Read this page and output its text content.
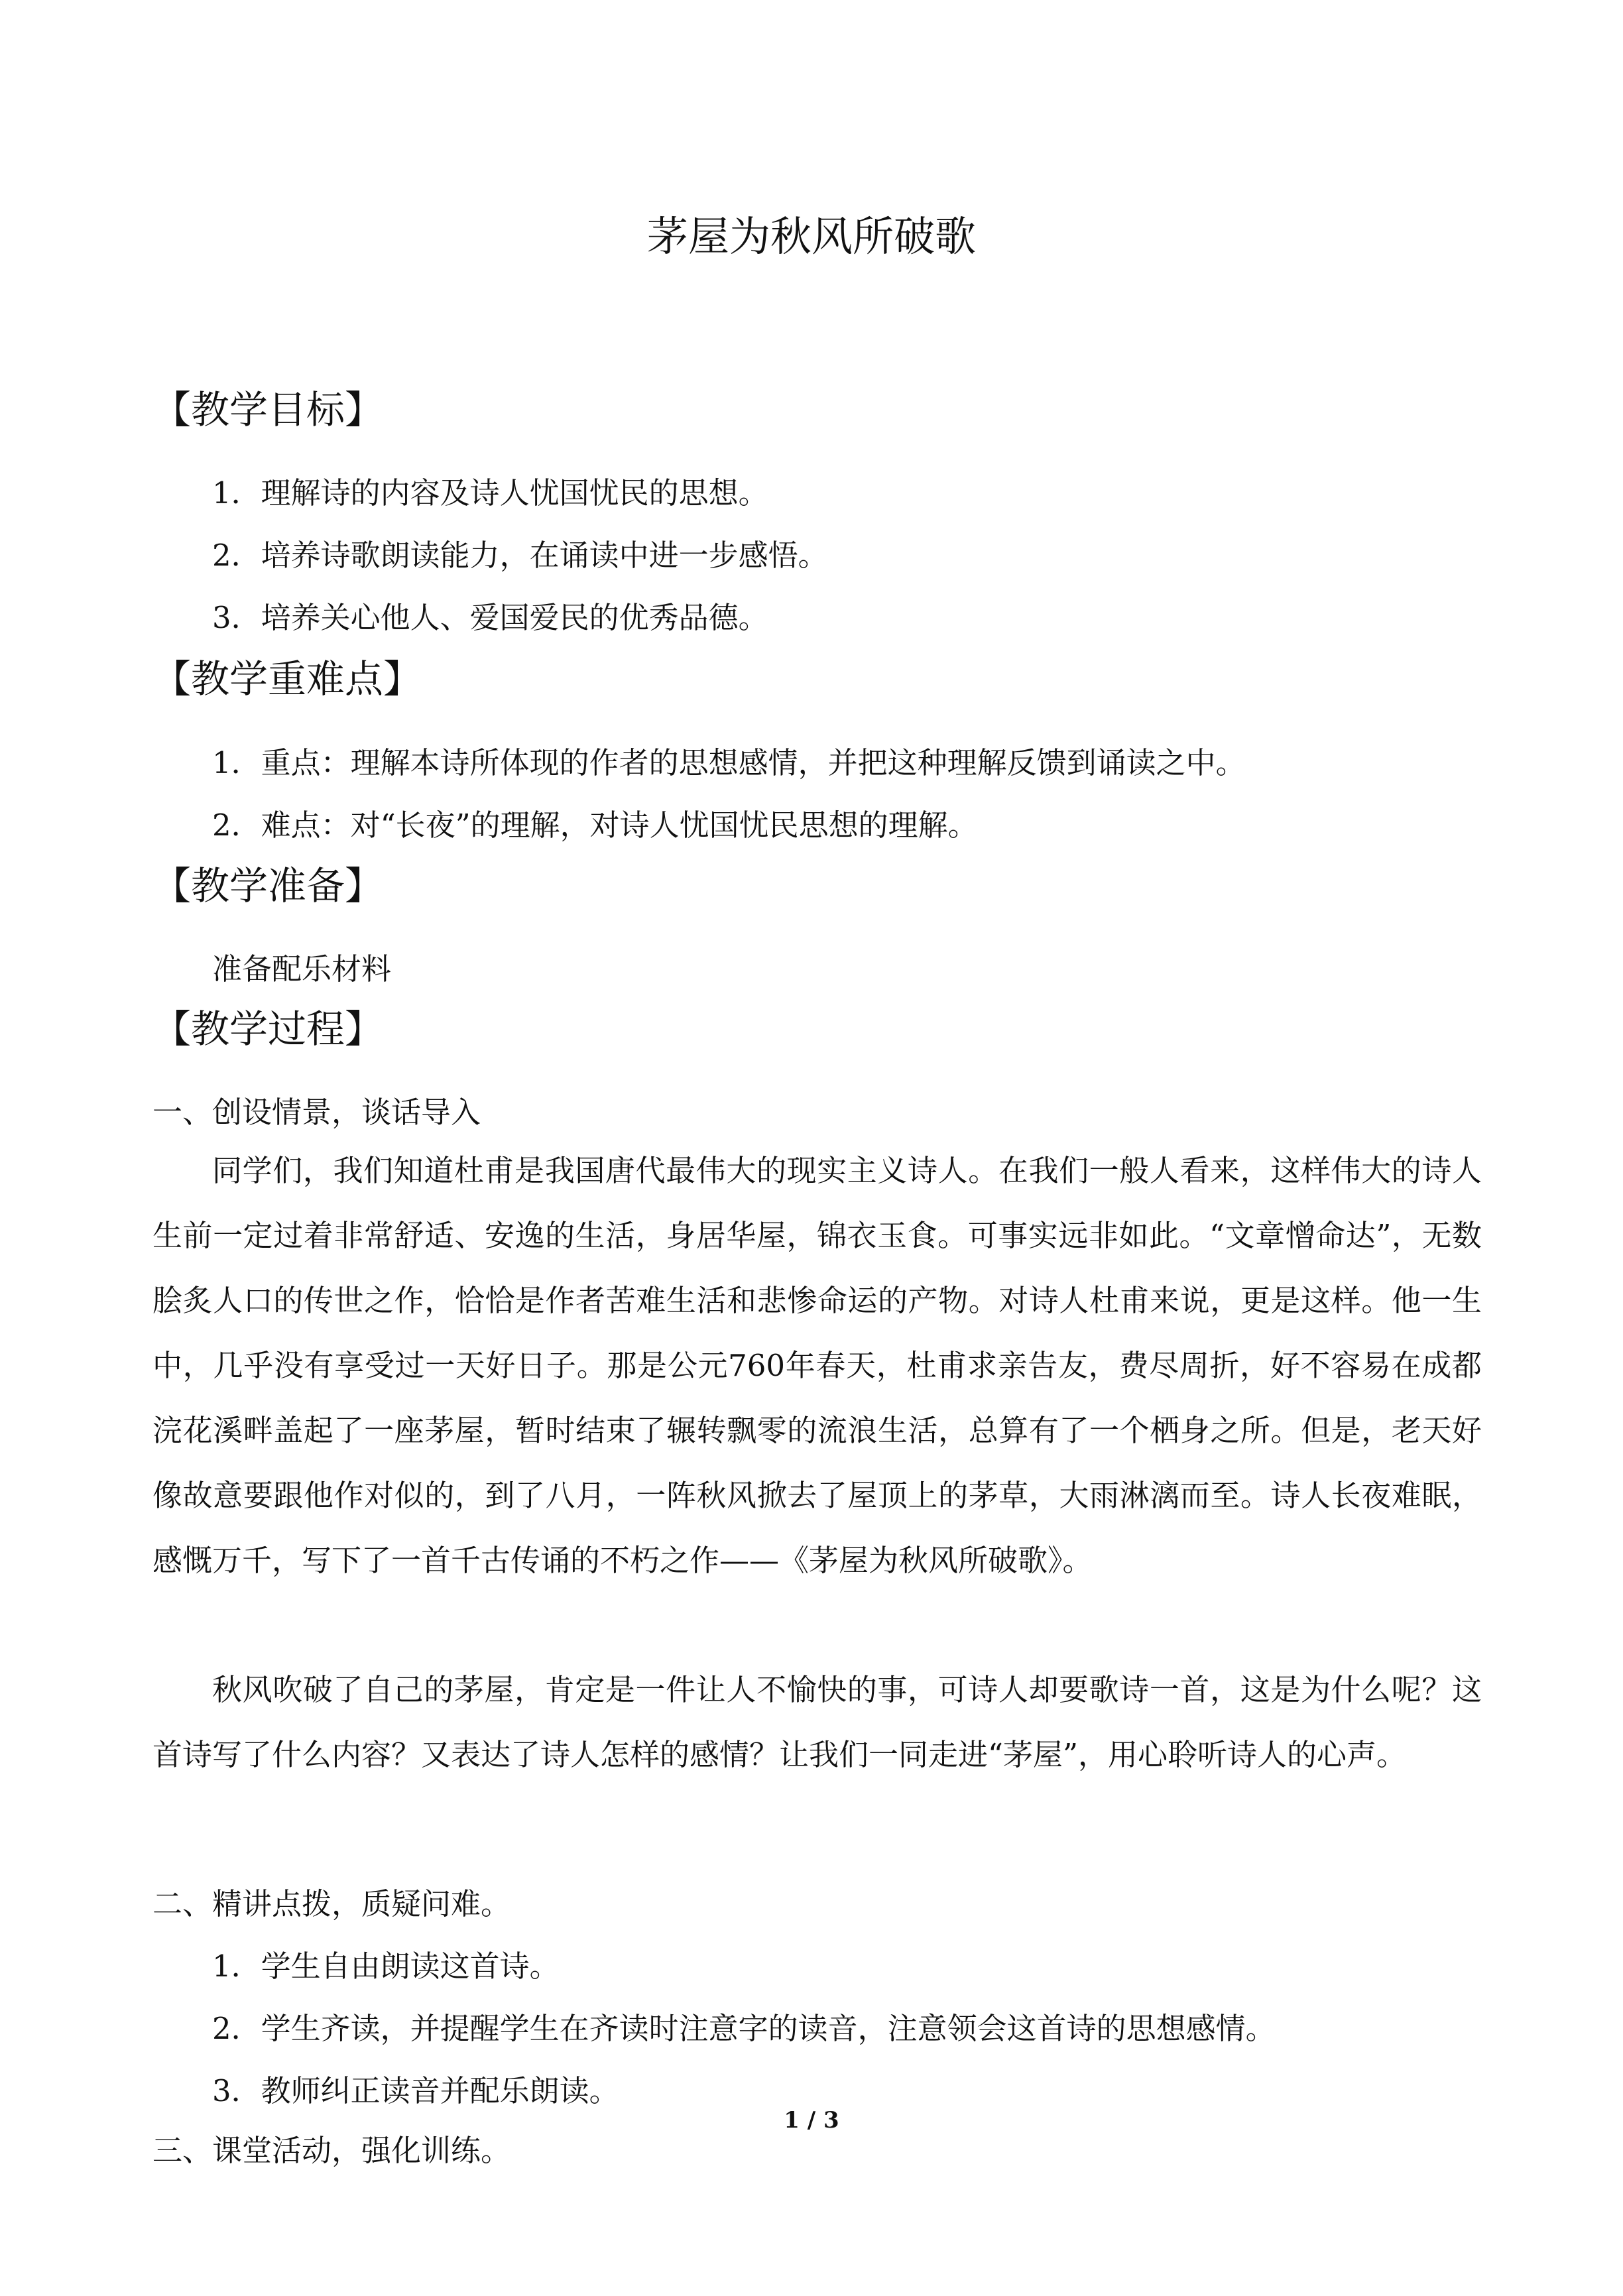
茅屋为秋风所破歌
【教学目标】

1．理解诗的内容及诗人忧国忧民的思想。

2．培养诗歌朗读能力，在诵读中进一步感悟。

3．培养关心他人、爱国爱民的优秀品德。

【教学重难点】

1．重点：理解本诗所体现的作者的思想感情，并把这种理解反馈到诵读之中。

2．难点：对“长夜”的理解，对诗人忧国忧民思想的理解。

【教学准备】

准备配乐材料

【教学过程】

一、创设情景，谈话导入

同学们，我们知道杜甫是我国唐代最伟大的现实主义诗人。在我们一般人看来，这样伟大的诗人生前一定过着非常舒适、安逸的生活，身居华屋，锦衣玉食。可事实远非如此。“文章憎命达”，无数脍炙人口的传世之作，恰恰是作者苦难生活和悲惨命运的产物。对诗人杜甫来说，更是这样。他一生中，几乎没有享受过一天好日子。那是公元760年春天，杜甫求亲告友，费尽周折，好不容易在成都浣花溪畔盖起了一座茅屋，暂时结束了辗转飘零的流浪生活，总算有了一个栖身之所。但是，老天好像故意要跟他作对似的，到了八月，一阵秋风掀去了屋顶上的茅草，大雨淋漓而至。诗人长夜难眠，感慨万千，写下了一首千古传诵的不朽之作——《茅屋为秋风所破歌》。

秋风吹破了自己的茅屋，肯定是一件让人不愉快的事，可诗人却要歌诗一首，这是为什么呢？这首诗写了什么内容？又表达了诗人怎样的感情？让我们一同走进“茅屋”，用心聆听诗人的心声。

二、精讲点拨，质疑问难。

1．学生自由朗读这首诗。

2．学生齐读，并提醒学生在齐读时注意字的读音，注意领会这首诗的思想感情。

3．教师纠正读音并配乐朗读。

三、课堂活动，强化训练。

1 / 3
